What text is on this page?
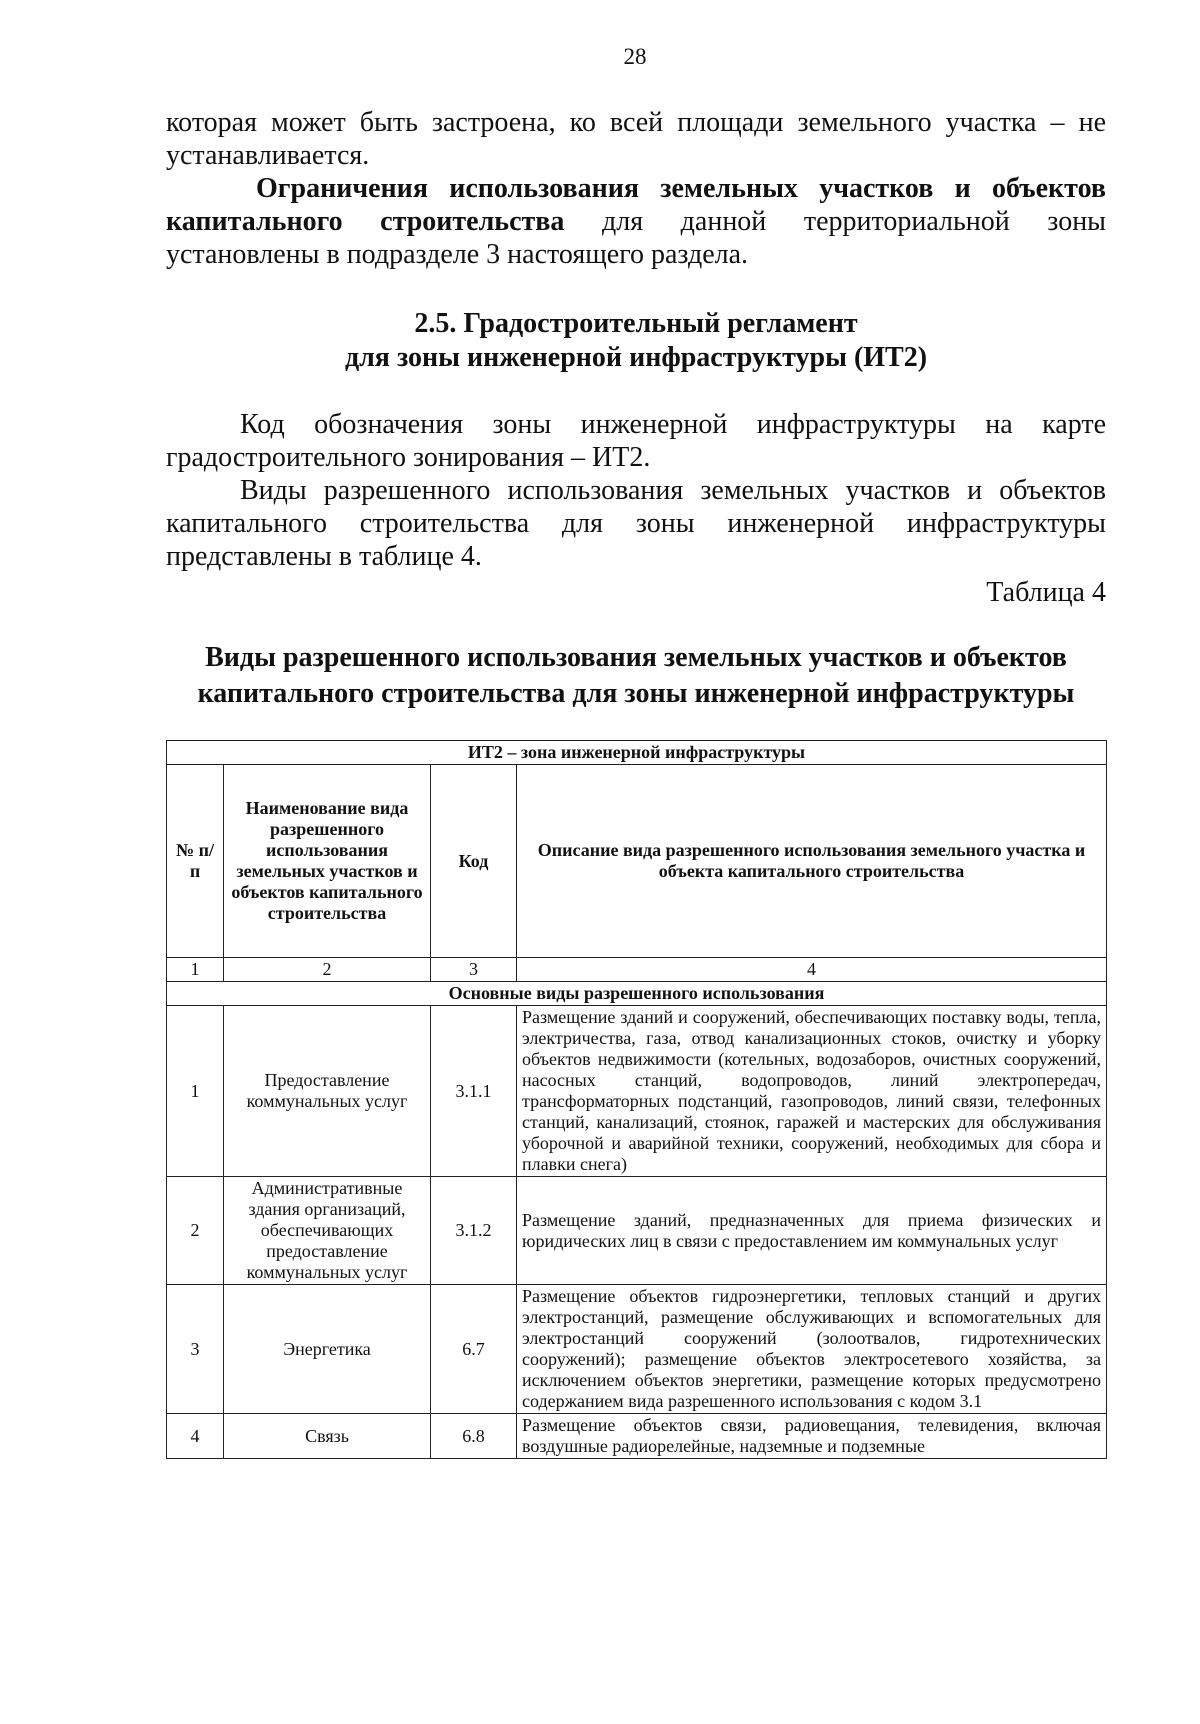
28

которая может быть застроена, ко всей площади земельного участка – не устанавливается.

Ограничения использования земельных участков и объектов капитального строительства для данной территориальной зоны установлены в подразделе 3 настоящего раздела.

2.5. Градостроительный регламент
для зоны инженерной инфраструктуры (ИТ2)

Код обозначения зоны инженерной инфраструктуры на карте градостроительного зонирования – ИТ2.

Виды разрешенного использования земельных участков и объектов капитального строительства для зоны инженерной инфраструктуры представлены в таблице 4.

Таблица 4
Виды разрешенного использования земельных участков и объектов
капитального строительства для зоны инженерной инфраструктуры
ИТ2 – зона инженерной инфраструктуры			
№ п/п	Наименование вида разрешенного использования земельных участков и объектов капитального строительства	Код	Описание вида разрешенного использования земельного участка и объекта капитального строительства
1	2	3	4
Основные виды разрешенного использования			
1	Предоставление коммунальных услуг	3.1.1	Размещение зданий и сооружений, обеспечивающих поставку воды, тепла, электричества, газа, отвод канализационных стоков, очистку и уборку объектов недвижимости (котельных, водозаборов, очистных сооружений, насосных станций, водопроводов, линий электропередач, трансформаторных подстанций, газопроводов, линий связи, телефонных станций, канализаций, стоянок, гаражей и мастерских для обслуживания уборочной и аварийной техники, сооружений, необходимых для сбора и плавки снега)
2	Административные здания организаций, обеспечивающих предоставление коммунальных услуг	3.1.2	Размещение зданий, предназначенных для приема физических и юридических лиц в связи с предоставлением им коммунальных услуг
3	Энергетика	6.7	Размещение объектов гидроэнергетики, тепловых станций и других электростанций, размещение обслуживающих и вспомогательных для электростанций сооружений (золоотвалов, гидротехнических сооружений); размещение объектов электросетевого хозяйства, за исключением объектов энергетики, размещение которых предусмотрено содержанием вида разрешенного использования с кодом 3.1
4	Связь	6.8	Размещение объектов связи, радиовещания, телевидения, включая воздушные радиорелейные, надземные и подземные
